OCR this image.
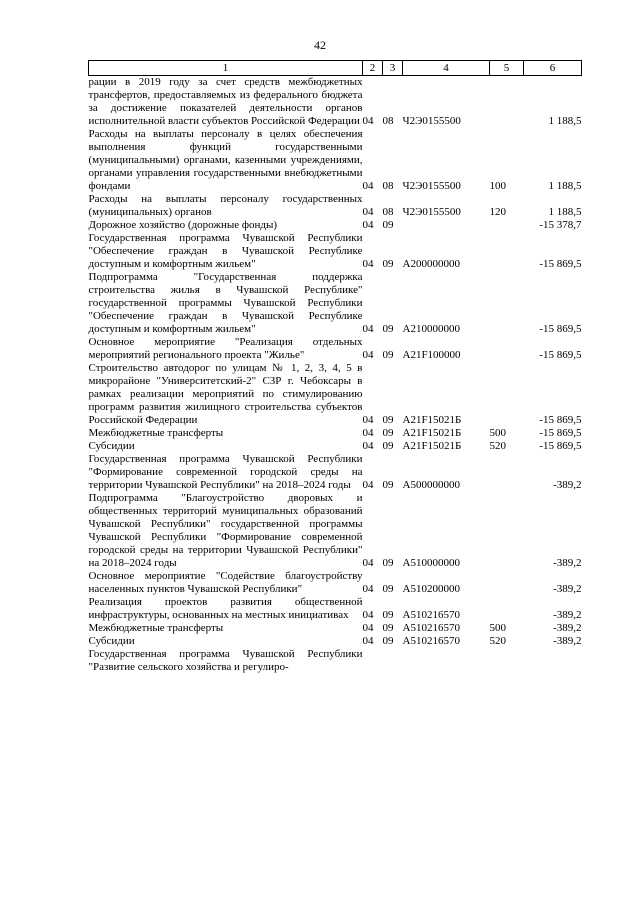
42
1	2	3	4	5	6
рации в 2019 году за счет средств межбюджетных трансфертов, предоставляемых из федерального бюджета за достижение показателей деятельности органов исполнительной власти субъектов Российской Федерации	04	08	Ч2Э0155500		1 188,5
Расходы на выплаты персоналу в целях обеспечения выполнения функций государственными (муниципальными) органами, казенными учреждениями, органами управления государственными внебюджетными фондами	04	08	Ч2Э0155500	100	1 188,5
Расходы на выплаты персоналу государственных (муниципальных) органов	04	08	Ч2Э0155500	120	1 188,5
Дорожное хозяйство (дорожные фонды)	04	09			-15 378,7
Государственная программа Чувашской Республики "Обеспечение граждан в Чувашской Республике доступным и комфортным жильем"	04	09	А200000000		-15 869,5
Подпрограмма "Государственная поддержка строительства жилья в Чувашской Республике" государственной программы Чувашской Республики "Обеспечение граждан в Чувашской Республике доступным и комфортным жильем"	04	09	А210000000		-15 869,5
Основное мероприятие "Реализация отдельных мероприятий регионального проекта "Жилье"	04	09	А21F100000		-15 869,5
Строительство автодорог по улицам № 1, 2, 3, 4, 5 в микрорайоне "Университетский-2" СЗР г. Чебоксары в рамках реализации мероприятий по стимулированию программ развития жилищного строительства субъектов Российской Федерации	04	09	А21F15021Б		-15 869,5
Межбюджетные трансферты	04	09	А21F15021Б	500	-15 869,5
Субсидии	04	09	А21F15021Б	520	-15 869,5
Государственная программа Чувашской Республики "Формирование современной городской среды на территории Чувашской Республики" на 2018–2024 годы	04	09	А500000000		-389,2
Подпрограмма "Благоустройство дворовых и общественных территорий муниципальных образований Чувашской Республики" государственной программы Чувашской Республики "Формирование современной городской среды на территории Чувашской Республики" на 2018–2024 годы	04	09	А510000000		-389,2
Основное мероприятие "Содействие благоустройству населенных пунктов Чувашской Республики"	04	09	А510200000		-389,2
Реализация проектов развития общественной инфраструктуры, основанных на местных инициативах	04	09	А510216570		-389,2
Межбюджетные трансферты	04	09	А510216570	500	-389,2
Субсидии	04	09	А510216570	520	-389,2
Государственная программа Чувашской Республики "Развитие сельского хозяйства и регулиро-					
